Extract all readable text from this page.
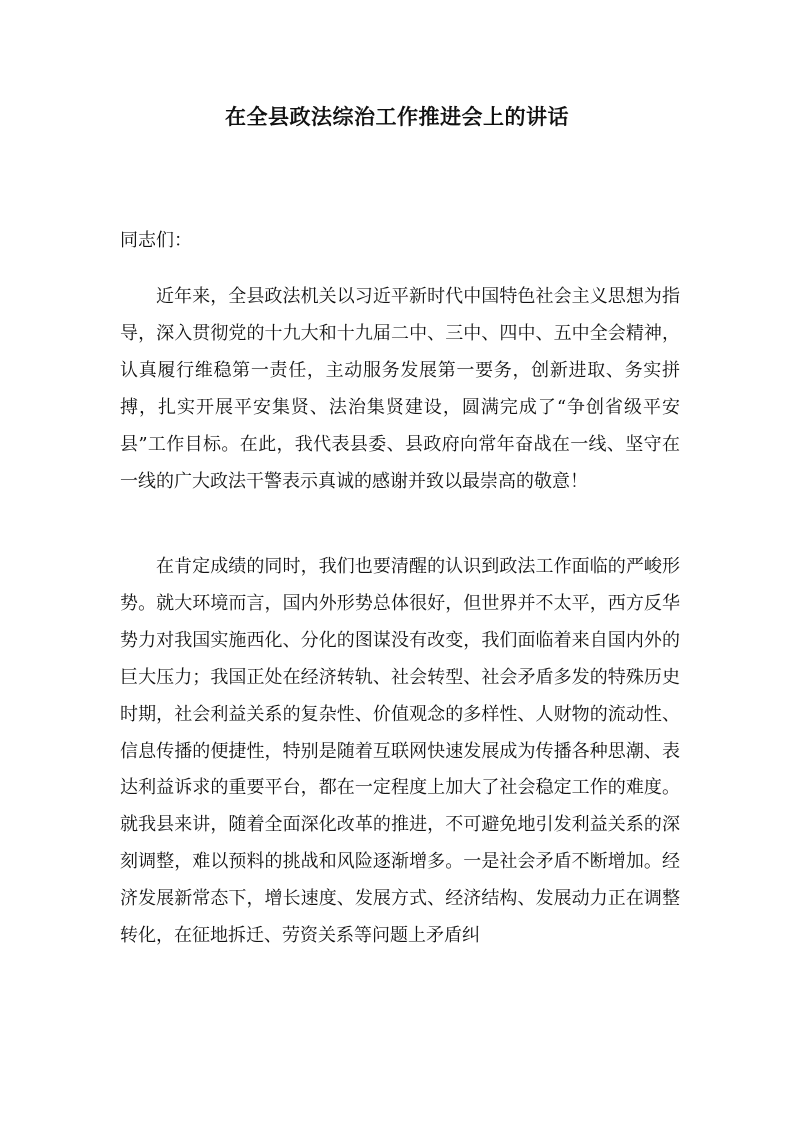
在全县政法综治工作推进会上的讲话
同志们：

近年来，全县政法机关以习近平新时代中国特色社会主义思想为指导，深入贯彻党的十九大和十九届二中、三中、四中、五中全会精神，认真履行维稳第一责任，主动服务发展第一要务，创新进取、务实拼搏，扎实开展平安集贤、法治集贤建设，圆满完成了“争创省级平安县”工作目标。在此，我代表县委、县政府向常年奋战在一线、坚守在一线的广大政法干警表示真诚的感谢并致以最崇高的敬意！

在肯定成绩的同时，我们也要清醒的认识到政法工作面临的严峻形势。就大环境而言，国内外形势总体很好，但世界并不太平，西方反华势力对我国实施西化、分化的图谋没有改变，我们面临着来自国内外的巨大压力；我国正处在经济转轨、社会转型、社会矛盾多发的特殊历史时期，社会利益关系的复杂性、价值观念的多样性、人财物的流动性、信息传播的便捷性，特别是随着互联网快速发展成为传播各种思潮、表达利益诉求的重要平台，都在一定程度上加大了社会稳定工作的难度。就我县来讲，随着全面深化改革的推进，不可避免地引发利益关系的深刻调整，难以预料的挑战和风险逐渐增多。一是社会矛盾不断增加。经济发展新常态下，增长速度、发展方式、经济结构、发展动力正在调整转化，在征地拆迁、劳资关系等问题上矛盾纠
